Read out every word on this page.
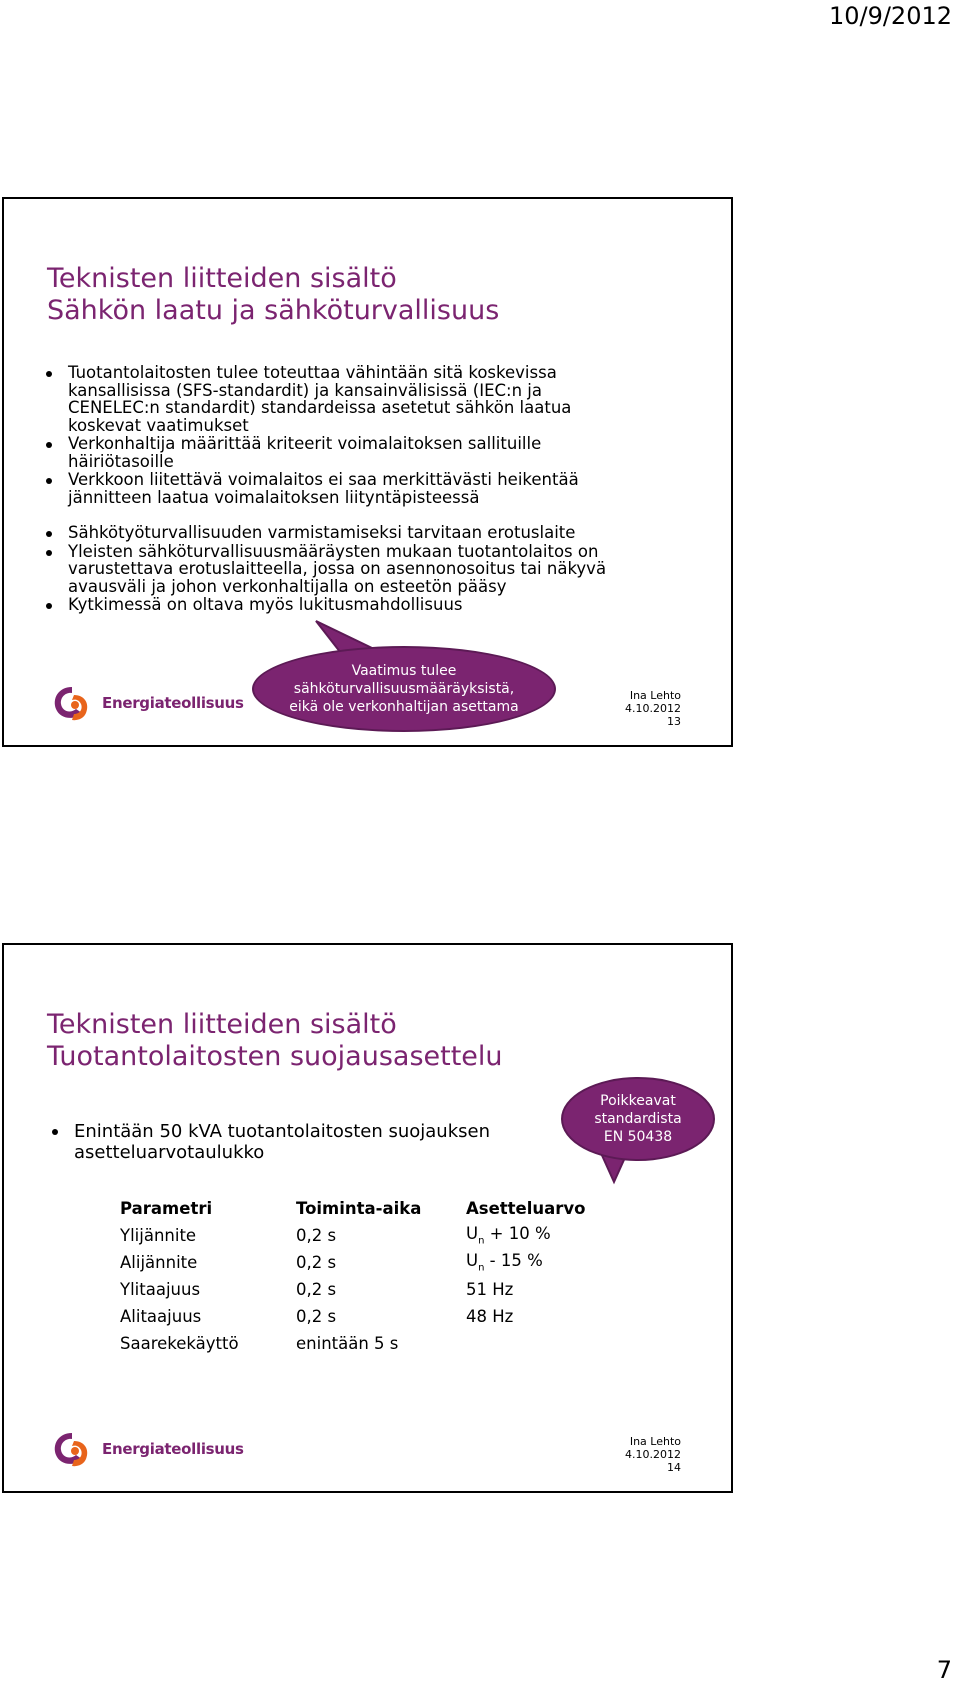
10/9/2012
Teknisten liitteiden sisältö
Sähkön laatu ja sähköturvallisuus
Tuotantolaitosten tulee toteuttaa vähintään sitä koskevissa kansallisissa (SFS-standardit) ja kansainvälisissä (IEC:n ja CENELEC:n standardit) standardeissa asetetut sähkön laatua koskevat vaatimukset
Verkonhaltija määrittää kriteerit voimalaitoksen sallituille häiriötasoille
Verkkoon liitettävä voimalaitos ei saa merkittävästi heikentää jännitteen laatua voimalaitoksen liityntäpisteessä
Sähkötyöturvallisuuden varmistamiseksi tarvitaan erotuslaite
Yleisten sähköturvallisuusmääräysten mukaan tuotantolaitos on varustettava erotuslaitteella, jossa on asennonosoitus tai näkyvä avausväli ja johon verkonhaltijalla on esteetön pääsy
Kytkimessä on oltava myös lukitusmahdollisuus
Vaatimus tulee
sähköturvallisuusmääräyksistä,
eikä ole verkonhaltijan asettama
Energiateollisuus	Ina Lehto
4.10.2012
13
Teknisten liitteiden sisältö
Tuotantolaitosten suojausasettelu
Poikkeavat
standardista
EN 50438
Enintään 50 kVA tuotantolaitosten suojauksen asetteluarvotaulukko
Parametri	Toiminta-aika	Asetteluarvo
Ylijännite	0,2 s	$U_n + 10$ %
Alijännite	0,2 s	$U_n - 15$ %
Ylitaajuus	0,2 s	51 Hz
Alitaajuus	0,2 s	48 Hz
Saarekekäyttö	enintään 5 s	
Energiateollisuus	Ina Lehto
4.10.2012
14
7
